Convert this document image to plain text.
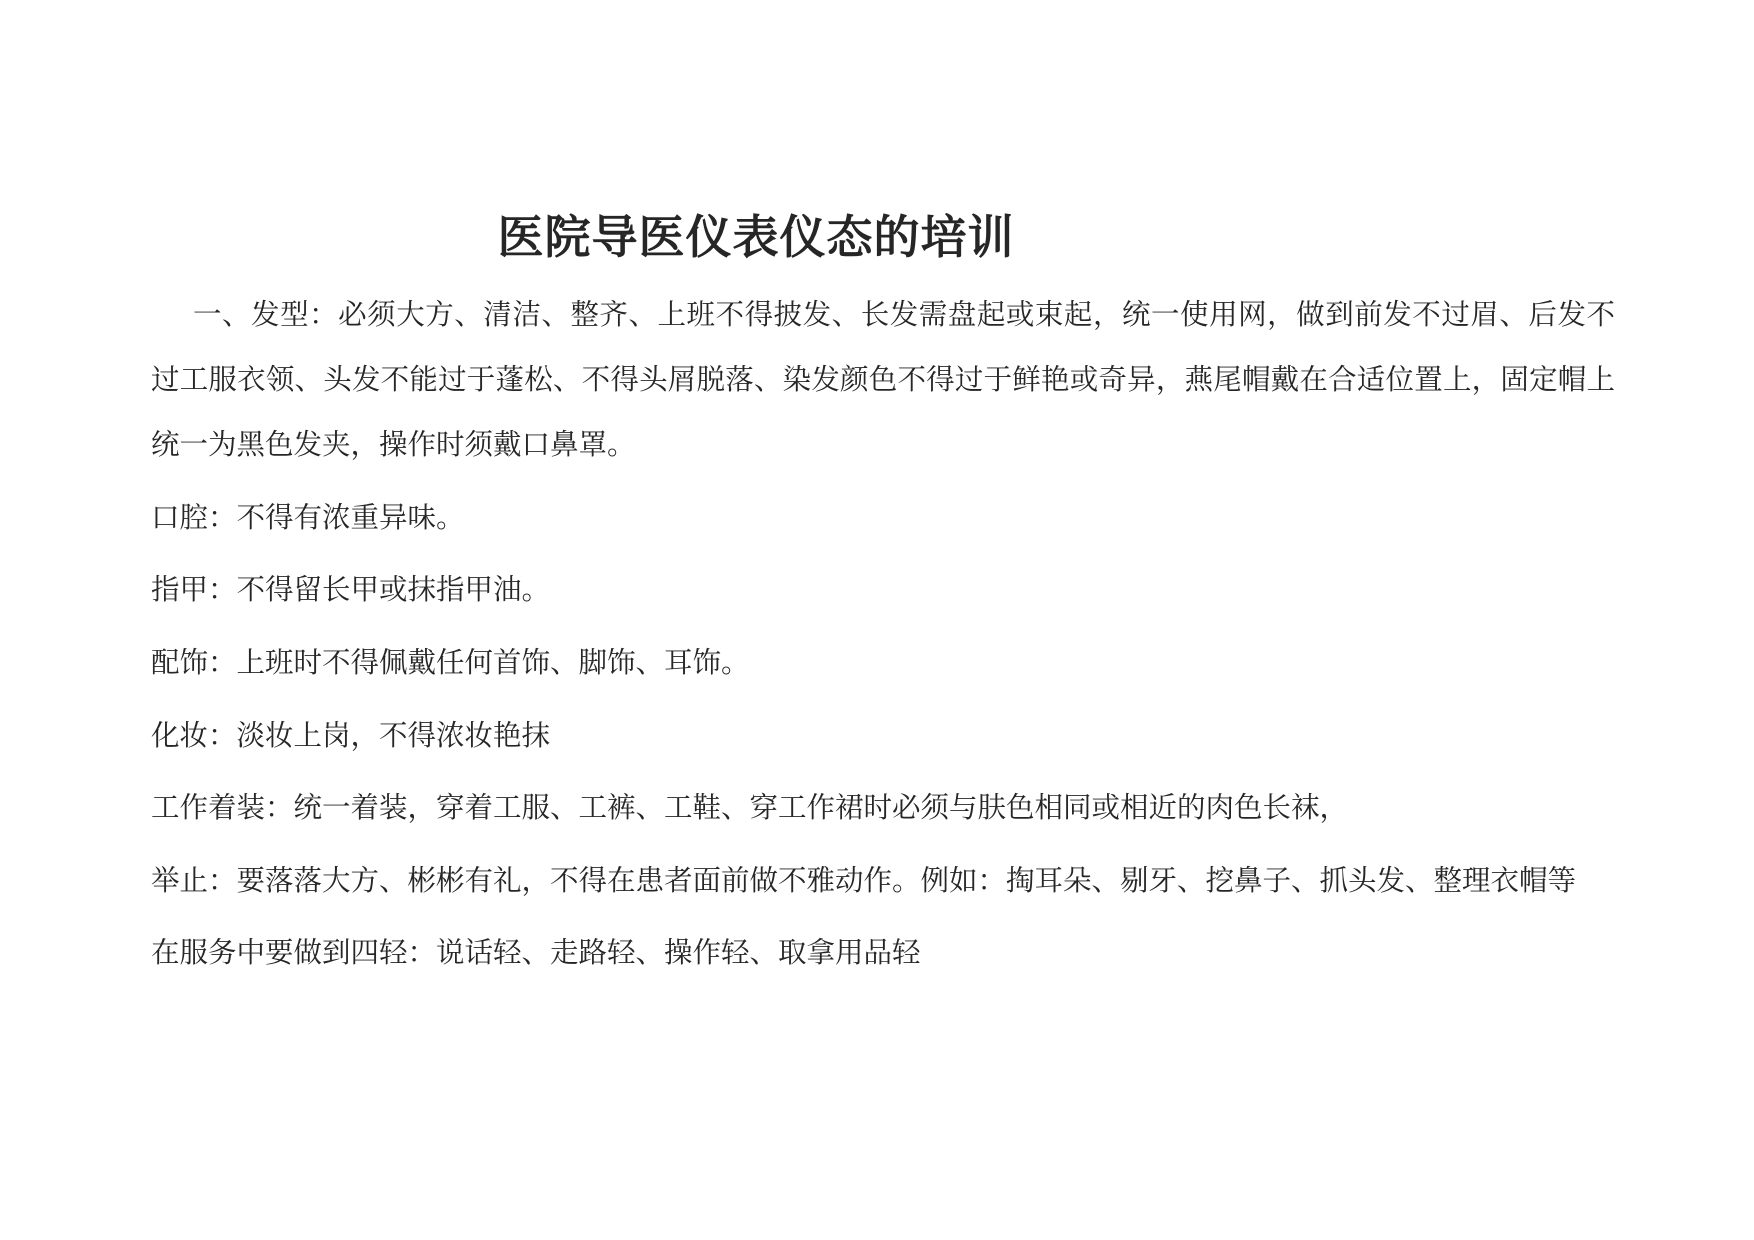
医院导医仪表仪态的培训
一、发型：必须大方、清洁、整齐、上班不得披发、长发需盘起或束起，统一使用网，做到前发不过眉、后发不过工服衣领、头发不能过于蓬松、不得头屑脱落、染发颜色不得过于鲜艳或奇异，燕尾帽戴在合适位置上，固定帽上统一为黑色发夹，操作时须戴口鼻罩。
口腔：不得有浓重异味。
指甲：不得留长甲或抹指甲油。
配饰：上班时不得佩戴任何首饰、脚饰、耳饰。
化妆：淡妆上岗，不得浓妆艳抹
工作着装：统一着装，穿着工服、工裤、工鞋、穿工作裙时必须与肤色相同或相近的肉色长袜，
举止：要落落大方、彬彬有礼，不得在患者面前做不雅动作。例如：掏耳朵、剔牙、挖鼻子、抓头发、整理衣帽等
在服务中要做到四轻：说话轻、走路轻、操作轻、取拿用品轻
